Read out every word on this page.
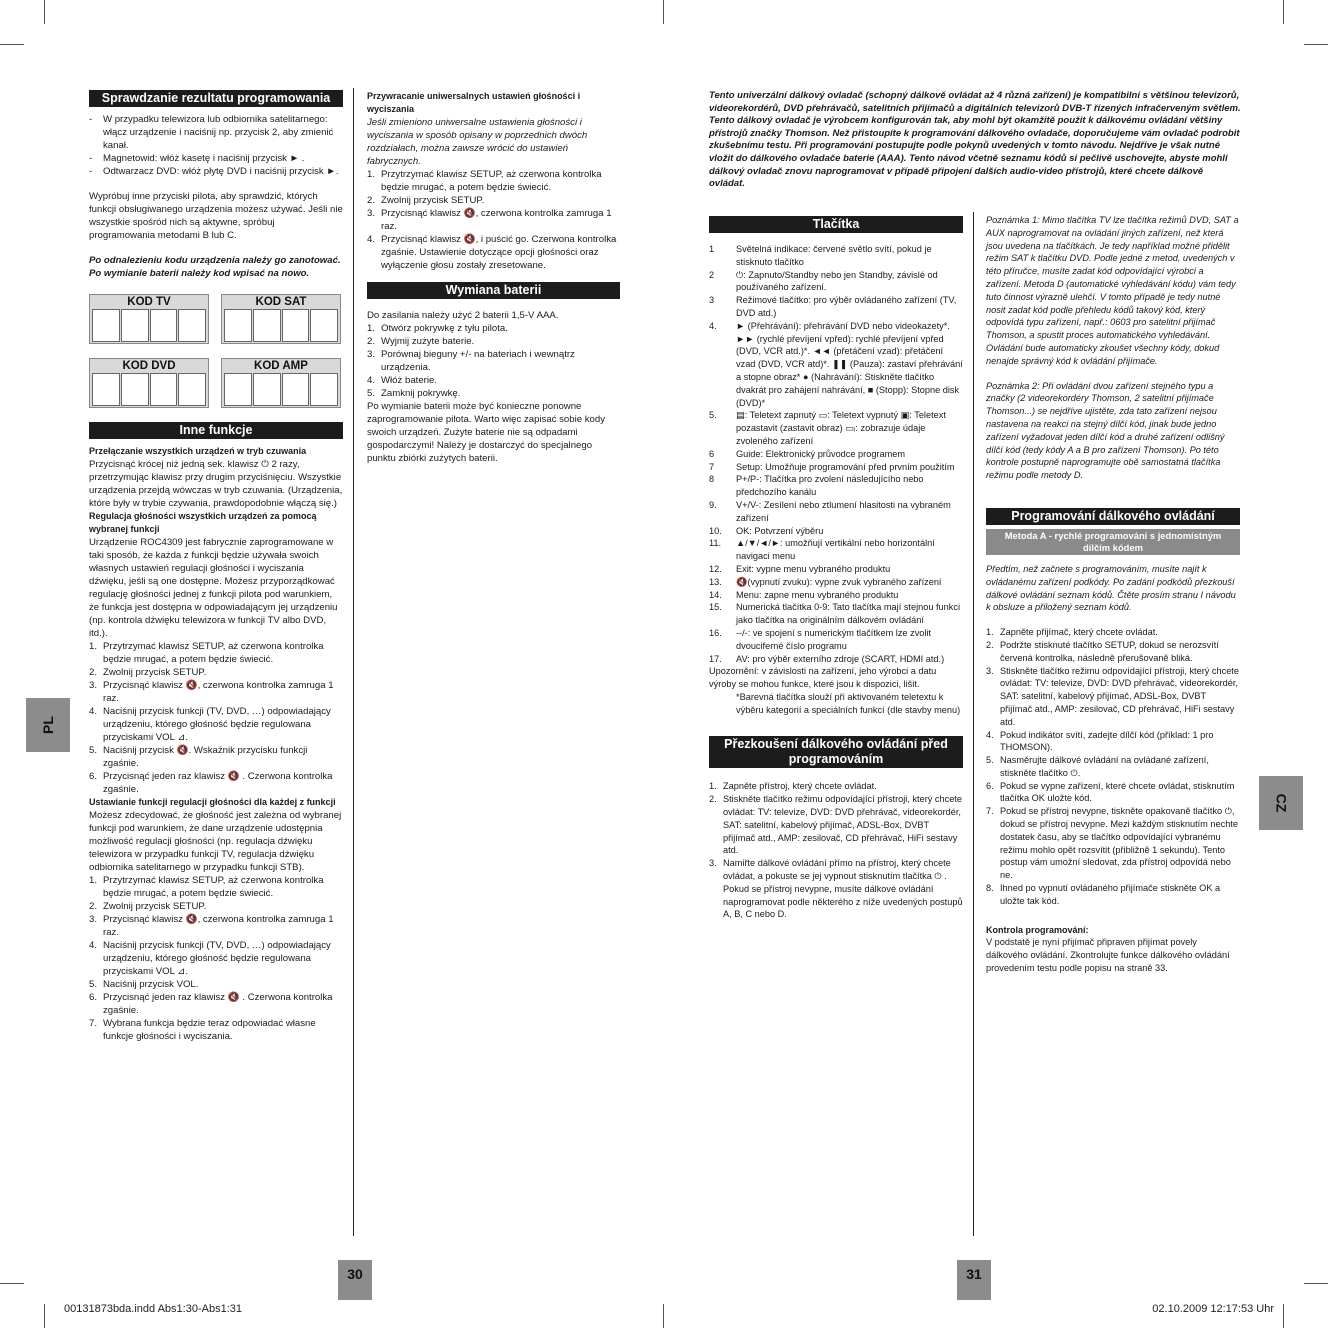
PL
CZ
30	31
00131873bda.indd Abs1:30-Abs1:31	02.10.2009 12:17:53 Uhr
Sprawdzanie rezultatu programowania
- W przypadku telewizora lub odbiornika satelitarnego: włącz urządzenie i naciśnij np. przycisk 2, aby zmienić kanał.
- Magnetowid: włóż kasetę i naciśnij przycisk ► .
- Odtwarzacz DVD: włóż płytę DVD i naciśnij przycisk ►.

Wypróbuj inne przyciski pilota, aby sprawdzić, których funkcji obsługiwanego urządzenia możesz używać. Jeśli nie wszystkie spośród nich są aktywne, spróbuj programowania metodami B lub C.

Po odnalezieniu kodu urządzenia należy go zanotować.

Po wymianie baterii należy kod wpisać na nowo.

KOD TV	KOD SAT
KOD DVD	KOD AMP
Inne funkcje

Przełączanie wszystkich urządzeń w tryb czuwania

Przycisnąć krócej niż jedną sek. klawisz ⏻ 2 razy, przetrzymując klawisz przy drugim przyciśnięciu. Wszystkie urządzenia przejdą wówczas w tryb czuwania. (Urządzenia, które były w trybie czywania, prawdopodobnie włączą się.)

Regulacja głośności wszystkich urządzeń za pomocą wybranej funkcji

Urządzenie ROC4309 jest fabrycznie zaprogramowane w taki sposób, że każda z funkcji będzie używała swoich własnych ustawień regulacji głośności i wyciszania dźwięku, jeśli są one dostępne. Możesz przyporządkować regulację głośności jednej z funkcji pilota pod warunkiem, że funkcja jest dostępna w odpowiadającym jej urządzeniu (np. kontrola dźwięku telewizora w funkcji TV albo DVD, itd.).

1. Przytrzymać klawisz SETUP, aż czerwona kontrolka będzie mrugać, a potem będzie świecić.
2. Zwolnij przycisk SETUP.
3. Przycisnąć klawisz 🔇, czerwona kontrolka zamruga 1 raz.
4. Naciśnij przycisk funkcji (TV, DVD, …) odpowiadający urządzeniu, którego głośność będzie regulowana przyciskami VOL ⊿.
5. Naciśnij przycisk 🔇. Wskaźnik przycisku funkcji zgaśnie.
6. Przycisnąć jeden raz klawisz 🔇 . Czerwona kontrolka zgaśnie.

Ustawianie funkcji regulacji głośności dla każdej z funkcji

Możesz zdecydować, że głośność jest zależna od wybranej funkcji pod warunkiem, że dane urządzenie udostępnia możliwość regulacji głośności (np. regulacja dźwięku telewizora w przypadku funkcji TV, regulacja dźwięku odbiornika satelitarnego w przypadku funkcji STB).

1. Przytrzymać klawisz SETUP, aż czerwona kontrolka będzie mrugać, a potem będzie świecić.
2. Zwolnij przycisk SETUP.
3. Przycisnąć klawisz 🔇, czerwona kontrolka zamruga 1 raz.
4. Naciśnij przycisk funkcji (TV, DVD, …) odpowiadający urządzeniu, którego głośność będzie regulowana przyciskami VOL ⊿.
5. Naciśnij przycisk VOL.
6. Przycisnąć jeden raz klawisz 🔇 . Czerwona kontrolka zgaśnie.
7. Wybrana funkcja będzie teraz odpowiadać własne funkcje głośności i wyciszania.

Przywracanie uniwersalnych ustawień głośności i wyciszania

Jeśli zmieniono uniwersalne ustawienia głośności i wyciszania w sposób opisany w poprzednich dwóch rozdziałach, można zawsze wrócić do ustawień fabrycznych.

1. Przytrzymać klawisz SETUP, aż czerwona kontrolka będzie mrugać, a potem będzie świecić.
2. Zwolnij przycisk SETUP.
3. Przycisnąć klawisz 🔇, czerwona kontrolka zamruga 1 raz.
4. Przycisnąć klawisz 🔇, i puścić go. Czerwona kontrolka zgaśnie. Ustawienie dotyczące opcji głośności oraz wyłączenie głosu zostały zresetowane.
Wymiana baterii

Do zasilania należy użyć 2 baterii 1,5-V AAA.

1. Otwórz pokrywkę z tyłu pilota.
2. Wyjmij zużyte baterie.
3. Porównaj bieguny +/- na bateriach i wewnątrz urządzenia.
4. Włóż baterie.
5. Zamknij pokrywkę.

Po wymianie baterii może być konieczne ponowne zaprogramowanie pilota. Warto więc zapisać sobie kody swoich urządzeń. Zużyte baterie nie są odpadami gospodarczymi! Należy je dostarczyć do specjalnego punktu zbiórki zużytych baterii.

Tento univerzální dálkový ovladač (schopný dálkově ovládat až 4 různá zařízení) je kompatibilní s většinou televizorů, videorekordérů, DVD přehrávačů, satelitních přijímačů a digitálních televizorů DVB-T řízených infračerveným světlem. Tento dálkový ovladač je výrobcem konfigurován tak, aby mohl být okamžitě použit k dálkovému ovládání většiny přístrojů značky Thomson. Než přistoupíte k programování dálkového ovladače, doporučujeme vám ovladač podrobit zkušebnímu testu. Při programování postupujte podle pokynů uvedených v tomto návodu. Nejdříve je však nutné vložit do dálkového ovladače baterie (AAA). Tento návod včetně seznamu kódů si pečlivě uschovejte, abyste mohli dálkový ovladač znovu naprogramovat v případě připojení dalších audio-video přístrojů, které chcete dálkově ovládat.
Tlačítka
1 Světelná indikace: červené světlo svítí, pokud je stisknuto tlačítko
2 ⏻: Zapnuto/Standby nebo jen Standby, závislé od používaného zařízení.
3 Režimové tlačítko: pro výběr ovládaného zařízení (TV, DVD atd.)
4. ► (Přehrávání): přehrávání DVD nebo videokazety*. ►► (rychlé převíjení vpřed): rychlé převíjení vpřed (DVD, VCR atd.)*. ◄◄ (přetáčení vzad): přetáčení vzad (DVD, VCR atd)*. ❚❚ (Pauza): zastaví přehrávání a stopne obraz* ● (Nahrávání): Stiskněte tlačítko dvakrát pro zahájení nahrávání, ■ (Stopp): Stopne disk (DVD)*
5. ▤: Teletext zapnutý ▭: Teletext vypnutý ▣: Teletext pozastavit (zastavit obraz) ▭ᵢ: zobrazuje údaje zvoleného zařízení
6 Guide: Elektronický průvodce programem
7 Setup: Umožňuje programování před prvním použitím
8 P+/P-: Tlačítka pro zvolení následujícího nebo předchozího kanálu
9. V+/V-: Zesílení nebo ztlumení hlasitosti na vybraném zařízení
10. OK: Potvrzení výběru
11. ▲/▼/◄/►: umožňují vertikální nebo horizontální navigaci menu
12. Exit: vypne menu vybraného produktu
13. 🔇(vypnutí zvuku): vypne zvuk vybraného zařízení
14. Menu: zapne menu vybraného produktu
15. Numerická tlačítka 0-9: Tato tlačítka mají stejnou funkci jako tlačítka na originálním dálkovém ovládání
16. -‑/-: ve spojení s numerickým tlačítkem lze zvolit dvouciferné číslo programu
17. AV: pro výběr externího zdroje (SCART, HDMI atd.)

Upozornění: v závislosti na zařízení, jeho výrobci a datu výroby se mohou funkce, které jsou k dispozici, lišit.

*Barevná tlačítka slouží při aktivovaném teletextu k výběru kategorií a speciálních funkcí (dle stavby menu)

Přezkoušení dálkového ovládání před programováním
1. Zapněte přístroj, který chcete ovládat.
2. Stiskněte tlačítko režimu odpovídající přístroji, který chcete ovládat: TV: televize, DVD: DVD přehrávač, videorekordér, SAT: satelitní, kabelový přijímač, ADSL-Box, DVBT přijímač atd., AMP: zesilovač, CD přehrávač, HiFi sestavy atd.
3. Namiřte dálkové ovládání přímo na přístroj, který chcete ovládat, a pokuste se jej vypnout stisknutím tlačítka ⏻ . Pokud se přístroj nevypne, musíte dálkové ovládání naprogramovat podle některého z níže uvedených postupů A, B, C nebo D.

Poznámka 1: Mimo tlačítka TV lze tlačítka režimů DVD, SAT a AUX naprogramovat na ovládání jiných zařízení, než která jsou uvedena na tlačítkách. Je tedy například možné přidělit režim SAT k tlačítku DVD. Podle jedné z metod, uvedených v této příručce, musíte zadat kód odpovídající výrobci a zařízení. Metoda D (automatické vyhledávání kódu) vám tedy tuto činnost výrazně ulehčí. V tomto případě je tedy nutné nosit zadat kód podle přehledu kódů takový kód, který odpovídá typu zařízení, např.: 0603 pro satelitní přijímač Thomson, a spustit proces automatického vyhledávání. Ovládání bude automaticky zkoušet všechny kódy, dokud nenajde správný kód k ovládání přijímače.

Poznámka 2: Při ovládání dvou zařízení stejného typu a značky (2 videorekordéry Thomson, 2 satelitní přijímače Thomson...) se nejdříve ujistěte, zda tato zařízení nejsou nastavena na reakci na stejný dílčí kód, jinak bude jedno zařízení vyžadovat jeden dílčí kód a druhé zařízení odlišný dílčí kód (tedy kódy A a B pro zařízení Thomson). Po této kontrole postupně naprogramujte obě samostatná tlačítka režimu podle metody D.

Programování dálkového ovládání
Metoda A - rychlé programování s jednomístným dílčím kódem

Předtím, než začnete s programováním, musíte najít k ovládanému zařízení podkódy. Po zadání podkódů přezkouší dálkové ovládání seznam kódů. Čtěte prosím stranu I návodu k obsluze a přiložený seznam kódů.

1. Zapněte přijímač, který chcete ovládat.
2. Podržte stisknuté tlačítko SETUP, dokud se nerozsvítí červená kontrolka, následně přerušovaně bliká.
3. Stiskněte tlačítko režimu odpovídající přístroji, který chcete ovládat: TV: televize, DVD: DVD přehrávač, videorekordér, SAT: satelitní, kabelový přijímač, ADSL-Box, DVBT přijímač atd., AMP: zesilovač, CD přehrávač, HiFi sestavy atd.
4. Pokud indikátor svítí, zadejte dílčí kód (příklad: 1 pro THOMSON).
5. Nasměrujte dálkové ovládání na ovládané zařízení, stiskněte tlačítko ⏻.
6. Pokud se vypne zařízení, které chcete ovládat, stisknutím tlačítka OK uložte kód.
7. Pokud se přístroj nevypne, tiskněte opakovaně tlačítko ⏻, dokud se přístroj nevypne. Mezi každým stisknutím nechte dostatek času, aby se tlačítko odpovídající vybranému režimu mohlo opět rozsvítit (přibližně 1 sekundu). Tento postup vám umožní sledovat, zda přístroj odpovídá nebo ne.
8. Ihned po vypnutí ovládaného přijímače stiskněte OK a uložte tak kód.

Kontrola programování:

V podstatě je nyní přijímač připraven přijímat povely dálkového ovládání. Zkontrolujte funkce dálkového ovládání provedením testu podle popisu na straně 33.
